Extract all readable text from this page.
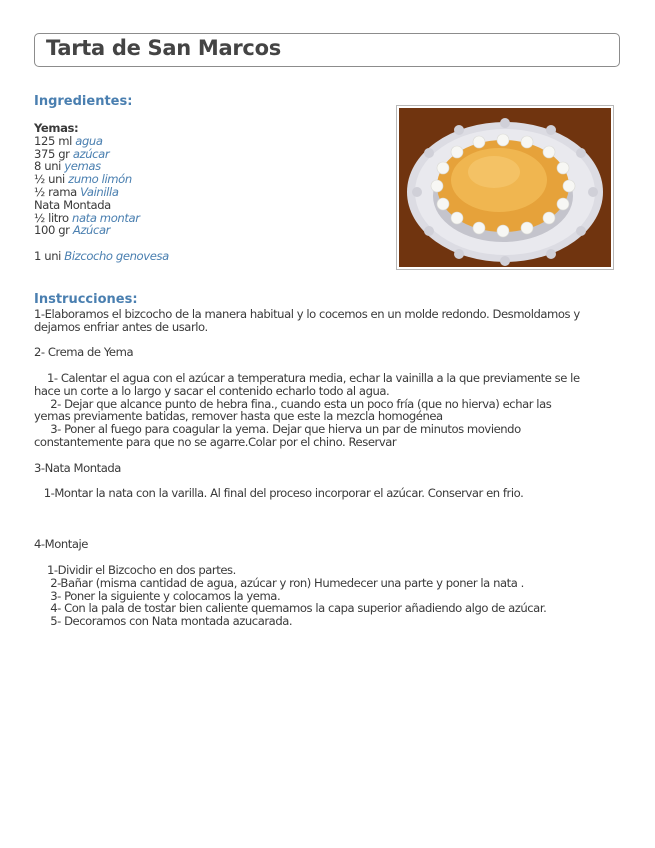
Tarta de San Marcos
Ingredientes:
Yemas:
125 ml agua
375 gr azúcar
8 uni yemas
½ uni zumo limón
½ rama Vainilla
Nata Montada
½ litro nata montar
100 gr Azúcar
1 uni Bizcocho genovesa
Instrucciones:

1-Elaboramos el bizcocho de la manera habitual y lo cocemos en un molde redondo. Desmoldamos y

dejamos enfriar antes de usarlo.

2- Crema de Yema

1- Calentar el agua con el azúcar a temperatura media, echar la vainilla a la que previamente se le

hace un corte a lo largo y sacar el contenido echarlo todo al agua.

2- Dejar que alcance punto de hebra fina., cuando esta un poco fría (que no hierva) echar las

yemas previamente batidas, remover hasta que este la mezcla homogénea

3- Poner al fuego para coagular la yema. Dejar que hierva un par de minutos moviendo

constantemente para que no se agarre.Colar por el chino. Reservar

3-Nata Montada

1-Montar la nata con la varilla. Al final del proceso incorporar el azúcar. Conservar en frio.

4-Montaje

1-Dividir el Bizcocho en dos partes.

2-Bañar (misma cantidad de agua, azúcar y ron) Humedecer una parte y poner la nata .

3- Poner la siguiente y colocamos la yema.

4- Con la pala de tostar bien caliente quemamos la capa superior añadiendo algo de azúcar.

5- Decoramos con Nata montada azucarada.
